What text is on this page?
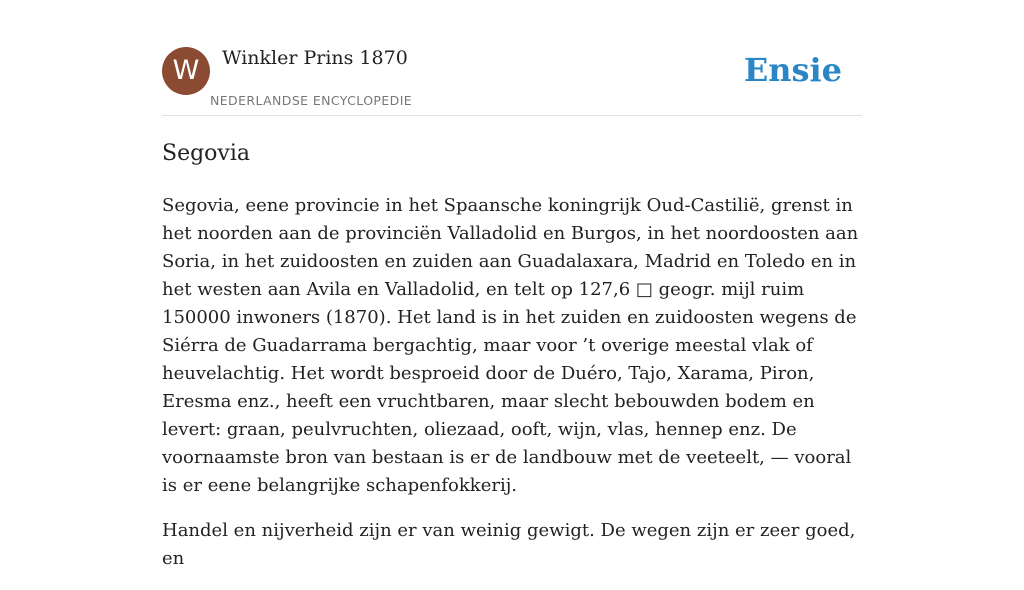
W	Winkler Prins 1870
NEDERLANDSE ENCYCLOPEDIE
Ensie
Segovia

Segovia, eene provincie in het Spaansche koningrijk Oud-Castilië, grenst in het noorden aan de provinciën Valladolid en Burgos, in het noordoosten aan Soria, in het zuidoosten en zuiden aan Guadalaxara, Madrid en Toledo en in het westen aan Avila en Valladolid, en telt op 127,6 □ geogr. mijl ruim 150000 inwoners (1870). Het land is in het zuiden en zuidoosten wegens de Siérra de Guadarrama bergachtig, maar voor ’t overige meestal vlak of heuvelachtig. Het wordt besproeid door de Duéro, Tajo, Xarama, Piron, Eresma enz., heeft een vruchtbaren, maar slecht bebouwden bodem en levert: graan, peulvruchten, oliezaad, ooft, wijn, vlas, hennep enz. De voornaamste bron van bestaan is er de landbouw met de veeteelt, — vooral is er eene belangrijke schapenfokkerij.

Handel en nijverheid zijn er van weinig gewigt. De wegen zijn er zeer goed, en
